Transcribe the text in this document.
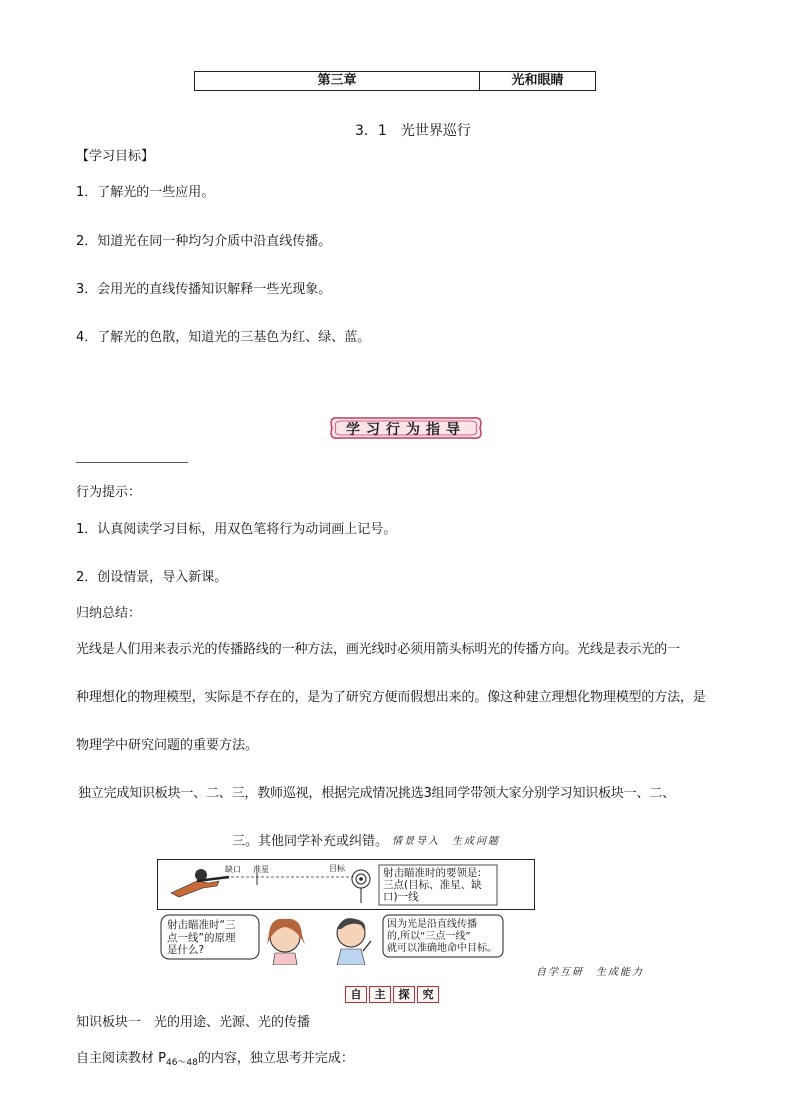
第三章	光和眼睛
3．1　光世界巡行
【学习目标】
1．了解光的一些应用。
2．知道光在同一种均匀介质中沿直线传播。
3．会用光的直线传播知识解释一些光现象。
4．了解光的色散，知道光的三基色为红、绿、蓝。
学习行为指导
行为提示：
1．认真阅读学习目标，用双色笔将行为动词画上记号。
2．创设情景，导入新课。
归纳总结：
光线是人们用来表示光的传播路线的一种方法，画光线时必须用箭头标明光的传播方向。光线是表示光的一
种理想化的物理模型，实际是不存在的，是为了研究方便而假想出来的。像这种建立理想化物理模型的方法，是
物理学中研究问题的重要方法。
独立完成知识板块一、二、三，教师巡视，根据完成情况挑选3组同学带领大家分别学习知识板块一、二、
三。其他同学补充或纠错。 情景导入　生成问题
缺口 准星	目标	射击瞄准时的要领是:
三点(目标、准星、缺
口)一线
射击瞄准时“三
点一线”的原理
是什么?
因为光是沿直线传播
的,所以“三点一线”
就可以准确地命中目标。
自学互研　生成能力
自	主	探	究
知识板块一　光的用途、光源、光的传播
自主阅读教材 $P_{46\sim 48}$的内容，独立思考并完成：
